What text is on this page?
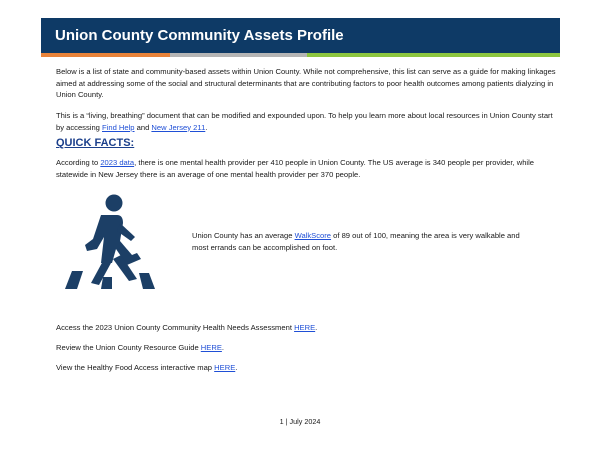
Union County Community Assets Profile

Below is a list of state and community-based assets within Union County. While not comprehensive, this list can serve as a guide for making linkages aimed at addressing some of the social and structural determinants that are contributing factors to poor health outcomes among patients dialyzing in Union County.

This is a “living, breathing” document that can be modified and expounded upon. To help you learn more about local resources in Union County start by accessing Find Help and New Jersey 211.

QUICK FACTS:

According to 2023 data, there is one mental health provider per 410 people in Union County. The US average is 340 people per provider, while statewide in New Jersey there is an average of one mental health provider per 370 people.

Union County has an average WalkScore of 89 out of 100, meaning the area is very walkable and most errands can be accomplished on foot.

Access the 2023 Union County Community Health Needs Assessment HERE.

Review the Union County Resource Guide HERE.

View the Healthy Food Access interactive map HERE.

1 | July 2024
